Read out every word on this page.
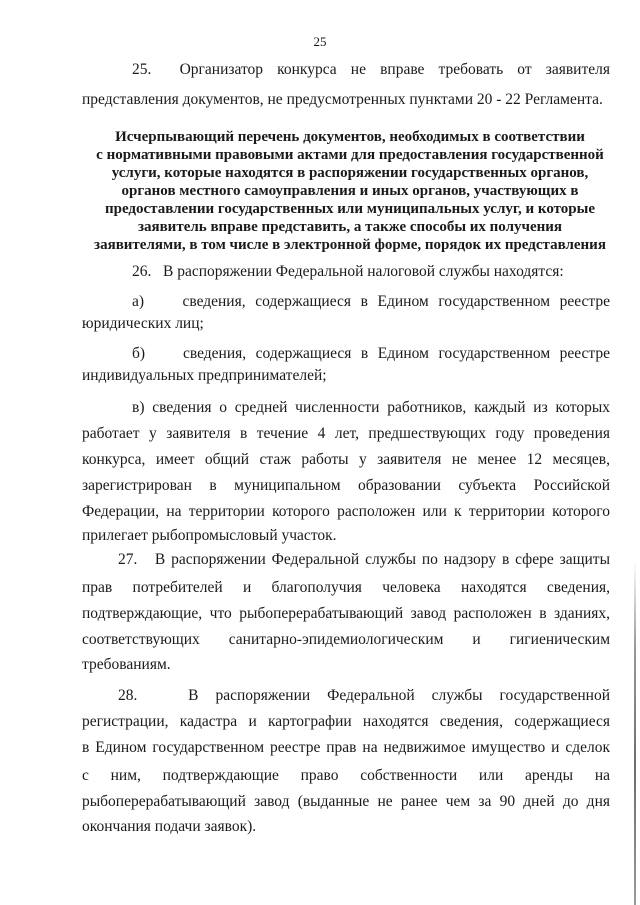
25
25.  Организатор конкурса не вправе требовать от заявителя
представления документов, не предусмотренных пунктами 20 - 22 Регламента.
Исчерпывающий перечень документов, необходимых в соответствии
с нормативными правовыми актами для предоставления государственной
услуги, которые находятся в распоряжении государственных органов,
органов местного самоуправления и иных органов, участвующих в
предоставлении государственных или муниципальных услуг, и которые
заявитель вправе представить, а также способы их получения
заявителями, в том числе в электронной форме, порядок их представления
26.   В распоряжении Федеральной налоговой службы находятся:
а)    сведения, содержащиеся в Едином государственном реестре
юридических лиц;
б)    сведения, содержащиеся в Едином государственном реестре
индивидуальных предпринимателей;
в) сведения о средней численности работников, каждый из которых
работает у заявителя в течение 4 лет, предшествующих году проведения
конкурса, имеет общий стаж работы у заявителя не менее 12 месяцев,
зарегистрирован в муниципальном образовании субъекта Российской
Федерации, на территории которого расположен или к территории которого
прилегает рыбопромысловый участок.
27.   В распоряжении Федеральной службы по надзору в сфере защиты
прав потребителей и благополучия человека находятся сведения,
подтверждающие, что рыбоперерабатывающий завод расположен в зданиях,
соответствующих санитарно-эпидемиологическим и гигиеническим
требованиям.
28.   В распоряжении Федеральной службы государственной
регистрации, кадастра и картографии находятся сведения, содержащиеся
в Едином государственном реестре прав на недвижимое имущество и сделок
с ним, подтверждающие право собственности или аренды на
рыбоперерабатывающий завод (выданные не ранее чем за 90 дней до дня
окончания подачи заявок).
